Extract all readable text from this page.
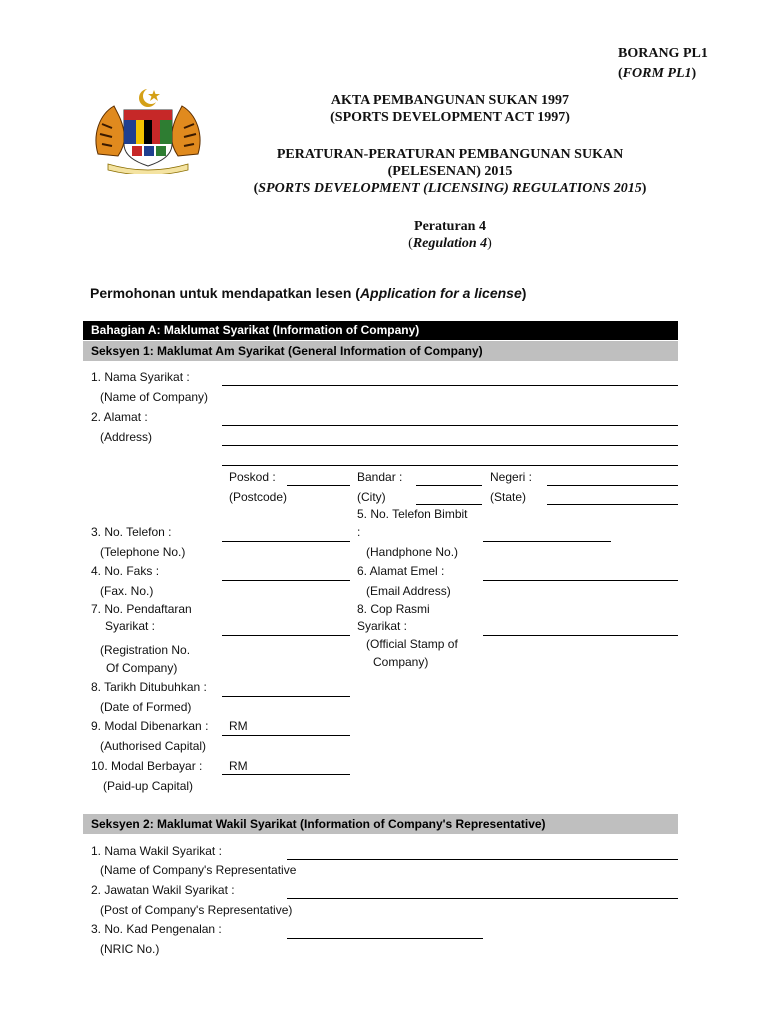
BORANG PL1
(FORM PL1)
AKTA PEMBANGUNAN SUKAN 1997
(SPORTS DEVELOPMENT ACT 1997)
PERATURAN-PERATURAN PEMBANGUNAN SUKAN
(PELESENAN) 2015
(SPORTS DEVELOPMENT (LICENSING) REGULATIONS 2015)
Peraturan 4
(Regulation 4)
Permohonan untuk mendapatkan lesen (Application for a license)
Bahagian A: Maklumat Syarikat (Information of Company)
Seksyen 1: Maklumat Am Syarikat (General Information of Company)
1. Nama Syarikat :
(Name of Company)
2. Alamat :
(Address)
Poskod :
(Postcode)
Bandar :
(City)
Negeri :
(State)
5. No. Telefon Bimbit
:
(Handphone No.)
3. No. Telefon :
(Telephone No.)
4. No. Faks :
(Fax. No.)
6. Alamat Emel :
(Email Address)
7. No. Pendaftaran
Syarikat :
(Registration No.
Of Company)
8. Cop Rasmi
Syarikat :
(Official Stamp of
Company)
8. Tarikh Ditubuhkan :
(Date of Formed)
9. Modal Dibenarkan : RM
(Authorised Capital)
10. Modal Berbayar : RM
(Paid-up Capital)
Seksyen 2: Maklumat Wakil Syarikat (Information of Company's Representative)
1. Nama Wakil Syarikat :
(Name of Company's Representative
2. Jawatan Wakil Syarikat :
(Post of Company's Representative)
3. No. Kad Pengenalan :
(NRIC No.)
